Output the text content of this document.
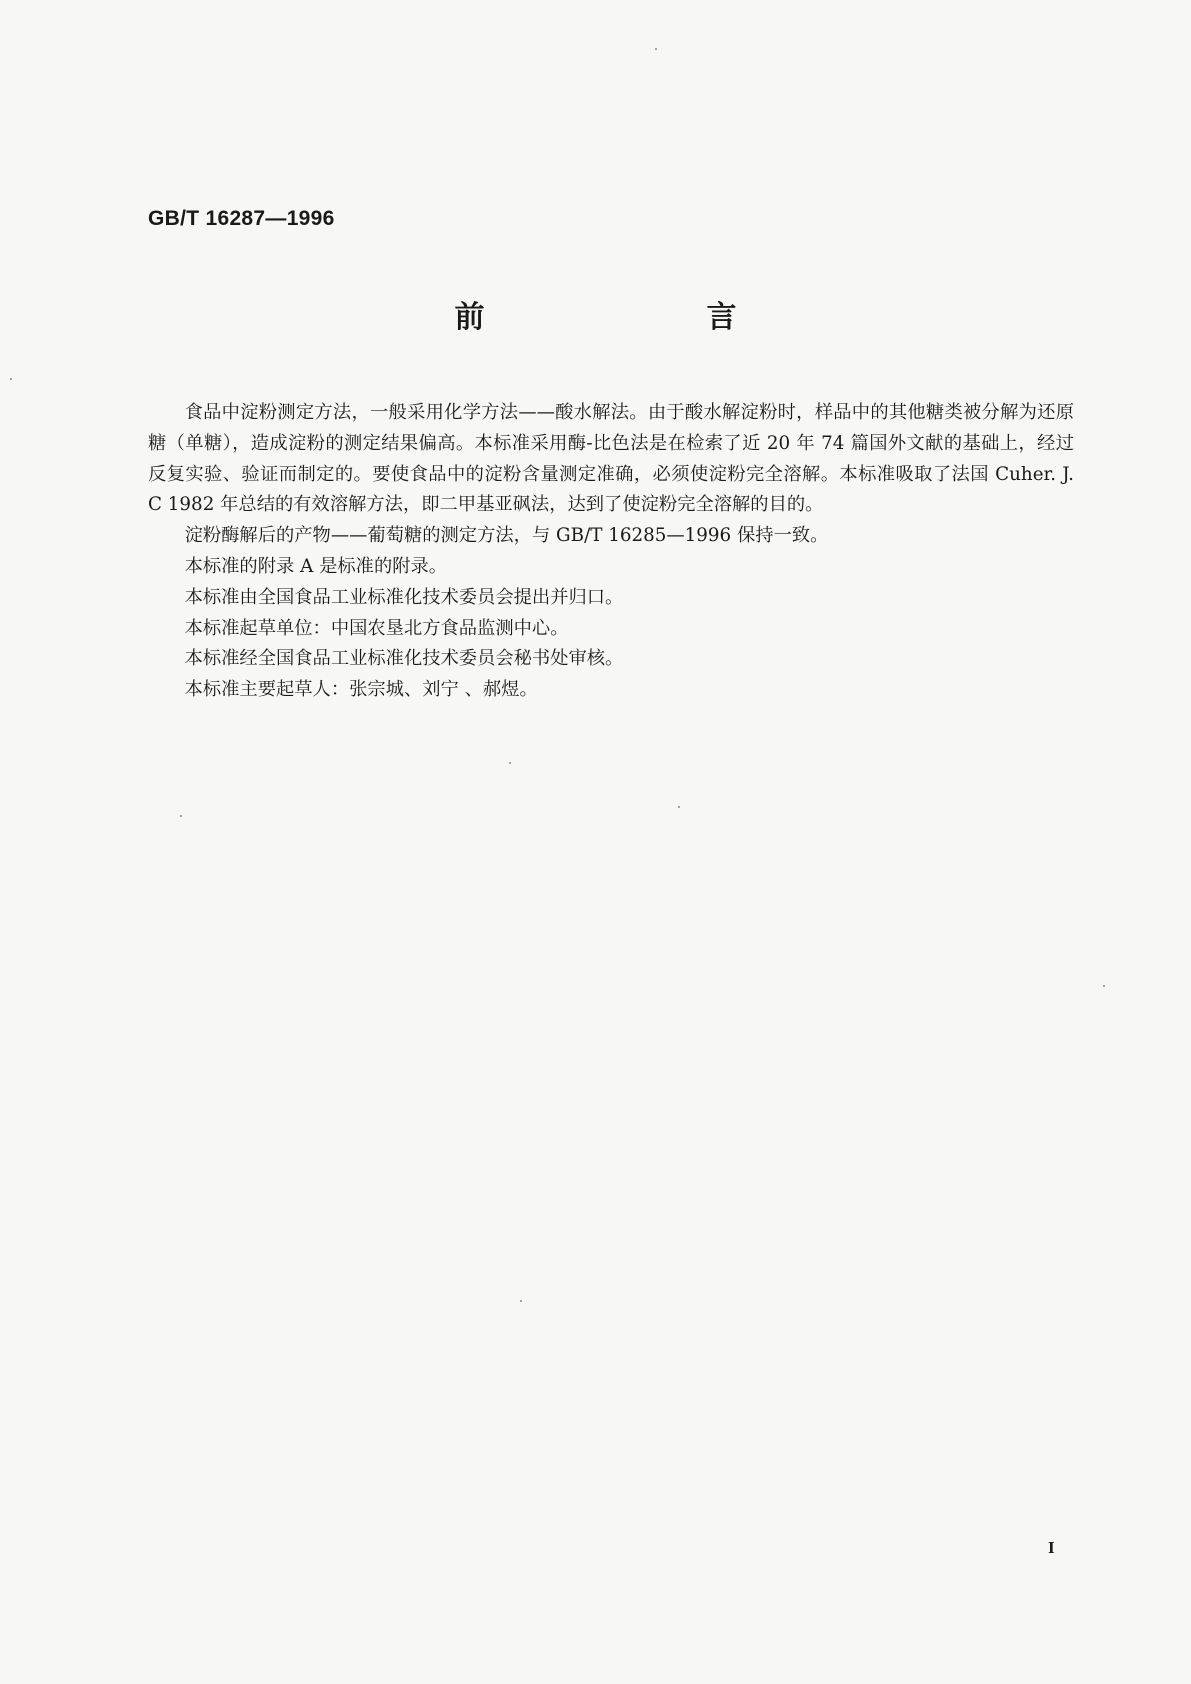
GB/T 16287—1996
前　言

食品中淀粉测定方法，一般采用化学方法——酸水解法。由于酸水解淀粉时，样品中的其他糖类被分解为还原糖（单糖），造成淀粉的测定结果偏高。本标准采用酶-比色法是在检索了近 20 年 74 篇国外文献的基础上，经过反复实验、验证而制定的。要使食品中的淀粉含量测定准确，必须使淀粉完全溶解。本标准吸取了法国 Cuher. J. C 1982 年总结的有效溶解方法，即二甲基亚砜法，达到了使淀粉完全溶解的目的。

淀粉酶解后的产物——葡萄糖的测定方法，与 GB/T 16285—1996 保持一致。

本标准的附录 A 是标准的附录。

本标准由全国食品工业标准化技术委员会提出并归口。

本标准起草单位：中国农垦北方食品监测中心。

本标准经全国食品工业标准化技术委员会秘书处审核。

本标准主要起草人：张宗城、刘宁 、郝煜。

I
